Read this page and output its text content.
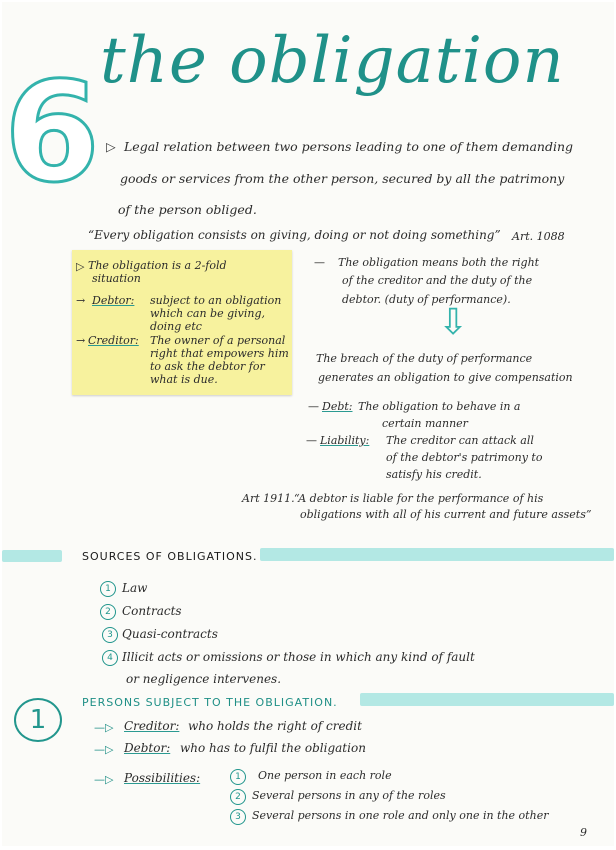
6 the obligation
▷ Legal relation between two persons leading to one of them demanding
goods or services from the other person, secured by all the patrimony
of the person obliged.
“Every obligation consists on giving, doing or not doing something” Art. 1088
▷ The obligation is a 2-fold
situation
→ Debtor: subject to an obligation
which can be giving,
doing etc
→ Creditor: The owner of a personal
right that empowers him
to ask the debtor for
what is due.
— The obligation means both the right
of the creditor and the duty of the
debtor. (duty of performance).
⇩
The breach of the duty of performance
generates an obligation to give compensation
— Debt: The obligation to behave in a
certain manner
— Liability: The creditor can attack all
of the debtor's patrimony to
satisfy his credit.
Art 1911. “A debtor is liable for the performance of his
obligations with all of his current and future assets”
SOURCES OF OBLIGATIONS.
1 Law
2 Contracts
3 Quasi-contracts
4 Illicit acts or omissions or those in which any kind of fault
or negligence intervenes.
1
PERSONS SUBJECT TO THE OBLIGATION.
—▷ Creditor: who holds the right of credit
—▷ Debtor: who has to fulfil the obligation
—▷ Possibilities:	1	One person in each role
2	Several persons in any of the roles
3	Several persons in one role and only one in the other
9
